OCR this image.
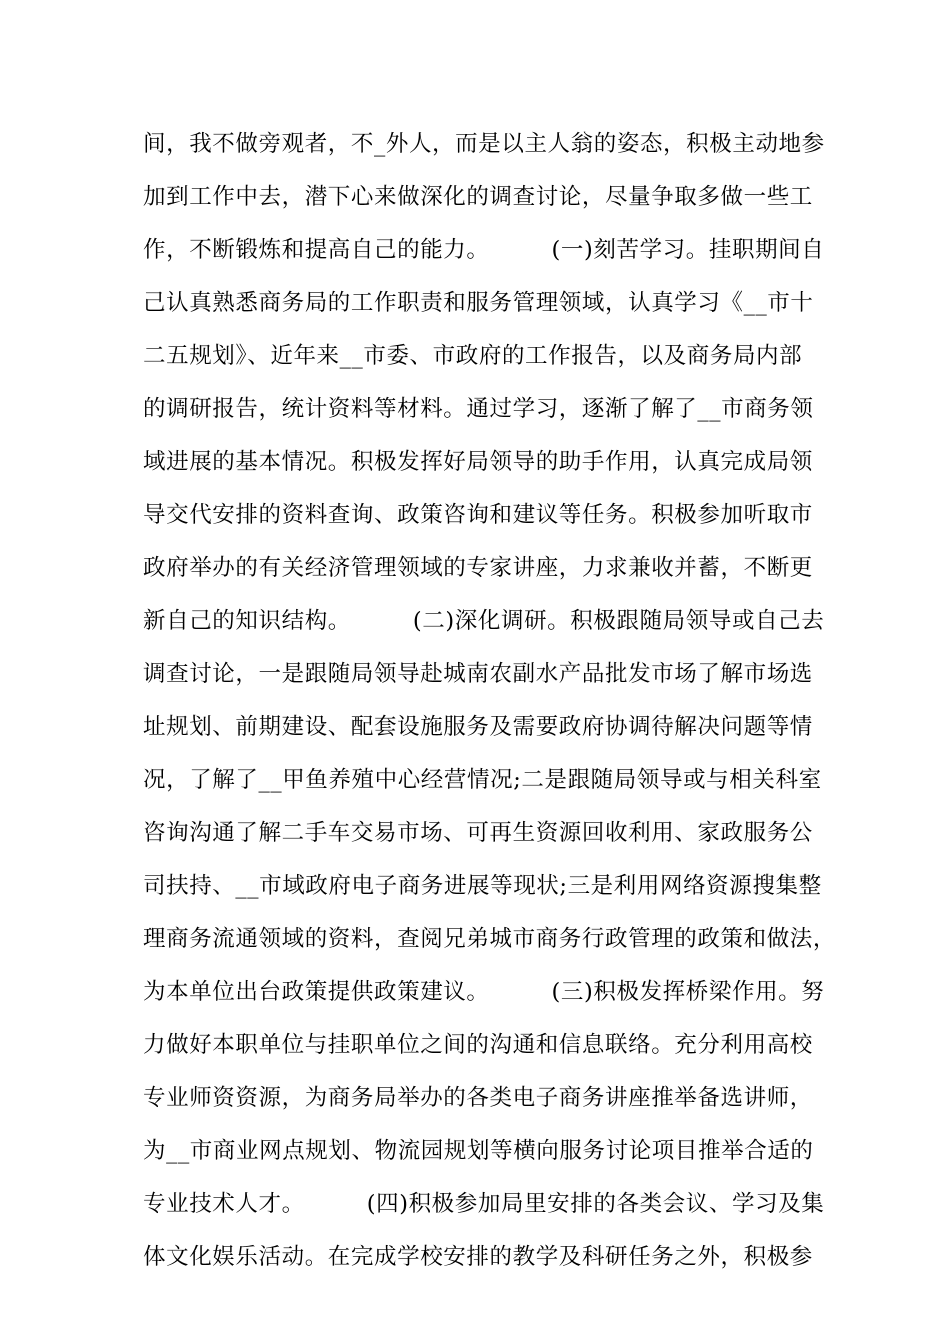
间，我不做旁观者，不_外人，而是以主人翁的姿态，积极主动地参
加到工作中去，潜下心来做深化的调查讨论，尽量争取多做一些工
作，不断锻炼和提高自己的能力。        (一)刻苦学习。挂职期间自
己认真熟悉商务局的工作职责和服务管理领域，认真学习《__市十
二五规划》、近年来__市委、市政府的工作报告，以及商务局内部
的调研报告，统计资料等材料。通过学习，逐渐了解了__市商务领
域进展的基本情况。积极发挥好局领导的助手作用，认真完成局领
导交代安排的资料查询、政策咨询和建议等任务。积极参加听取市
政府举办的有关经济管理领域的专家讲座，力求兼收并蓄，不断更
新自己的知识结构。        (二)深化调研。积极跟随局领导或自己去
调查讨论，一是跟随局领导赴城南农副水产品批发市场了解市场选
址规划、前期建设、配套设施服务及需要政府协调待解决问题等情
况，了解了__甲鱼养殖中心经营情况;二是跟随局领导或与相关科室
咨询沟通了解二手车交易市场、可再生资源回收利用、家政服务公
司扶持、__市域政府电子商务进展等现状;三是利用网络资源搜集整
理商务流通领域的资料，查阅兄弟城市商务行政管理的政策和做法，
为本单位出台政策提供政策建议。        (三)积极发挥桥梁作用。努
力做好本职单位与挂职单位之间的沟通和信息联络。充分利用高校
专业师资资源，为商务局举办的各类电子商务讲座推举备选讲师，
为__市商业网点规划、物流园规划等横向服务讨论项目推举合适的
专业技术人才。        (四)积极参加局里安排的各类会议、学习及集
体文化娱乐活动。在完成学校安排的教学及科研任务之外，积极参
